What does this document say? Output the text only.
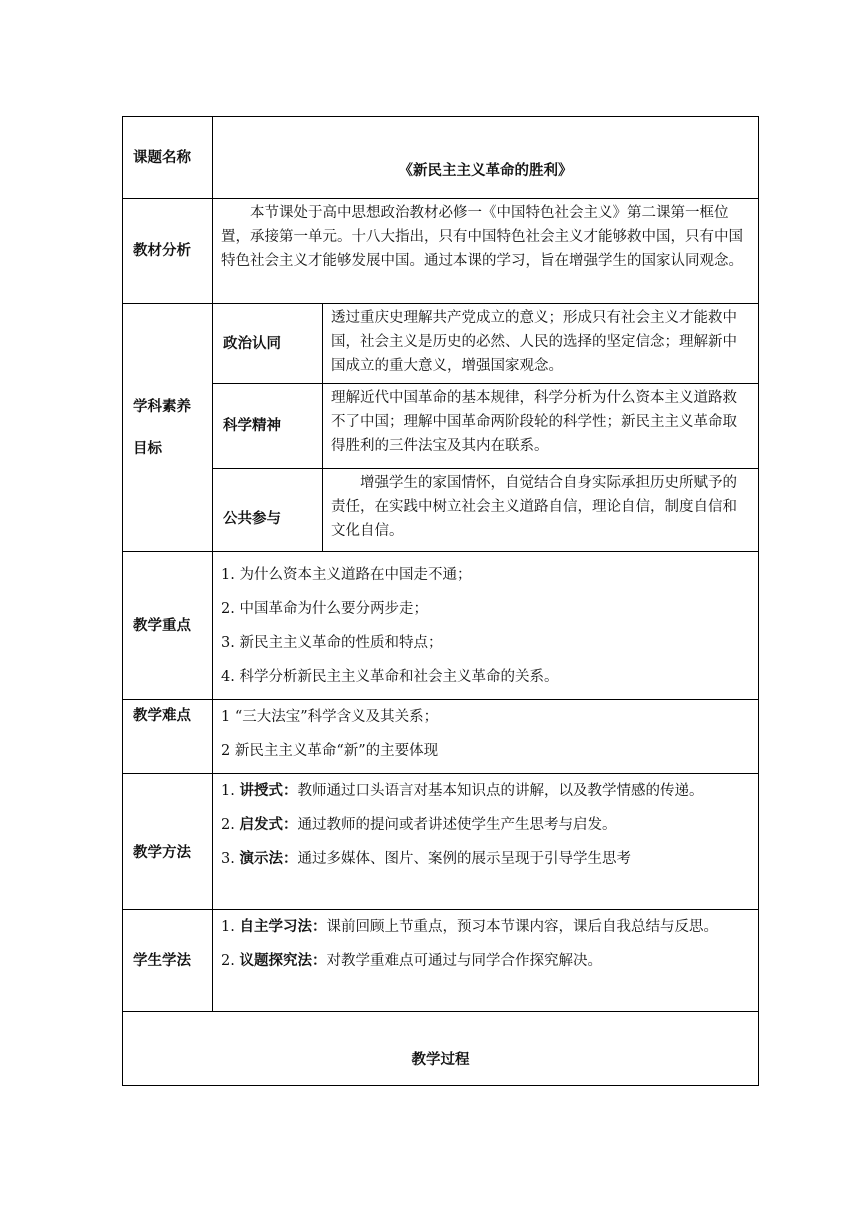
课题名称	《新民主主义革命的胜利》	
教材分析	本节课处于高中思想政治教材必修一《中国特色社会主义》第二课第一框位置，承接第一单元。十八大指出，只有中国特色社会主义才能够救中国，只有中国特色社会主义才能够发展中国。通过本课的学习，旨在增强学生的国家认同观念。	

学科素养
目标	政治认同	透过重庆史理解共产党成立的意义；形成只有社会主义才能救中国，社会主义是历史的必然、人民的选择的坚定信念；理解新中国成立的重大意义，增强国家观念。
	科学精神	理解近代中国革命的基本规律，科学分析为什么资本主义道路救不了中国；理解中国革命两阶段轮的科学性；新民主主义革命取得胜利的三件法宝及其内在联系。
	公共参与	增强学生的家国情怀，自觉结合自身实际承担历史所赋予的责任，在实践中树立社会主义道路自信，理论自信，制度自信和文化自信。
教学重点	1. 为什么资本主义道路在中国走不通；

2. 中国革命为什么要分两步走；

3. 新民主主义革命的性质和特点；

4. 科学分析新民主主义革命和社会主义革命的关系。	

教学难点	1 “三大法宝”科学含义及其关系；

2 新民主主义革命“新”的主要体现	

教学方法	1. 讲授式：教师通过口头语言对基本知识点的讲解，以及教学情感的传递。

2. 启发式：通过教师的提问或者讲述使学生产生思考与启发。

3. 演示法：通过多媒体、图片、案例的展示呈现于引导学生思考	

学生学法	1. 自主学习法：课前回顾上节重点，预习本节课内容，课后自我总结与反思。

2. 议题探究法：对教学重难点可通过与同学合作探究解决。	

教学过程		
